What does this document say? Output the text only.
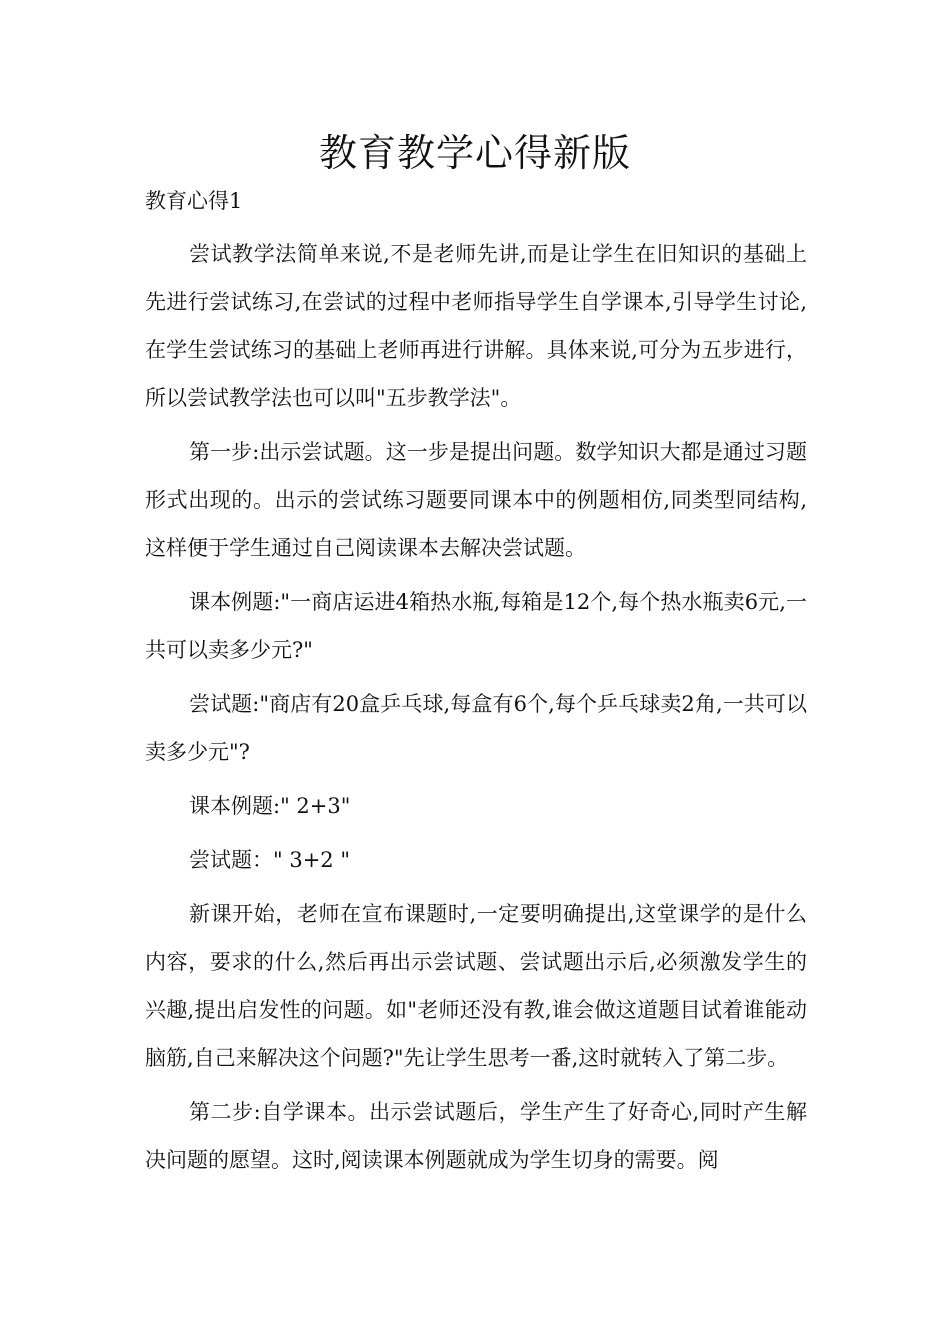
教育教学心得新版
教育心得1

尝试教学法简单来说,不是老师先讲,而是让学生在旧知识的基础上先进行尝试练习,在尝试的过程中老师指导学生自学课本,引导学生讨论,在学生尝试练习的基础上老师再进行讲解。具体来说,可分为五步进行，所以尝试教学法也可以叫"五步教学法"。

第一步:出示尝试题。这一步是提出问题。数学知识大都是通过习题形式出现的。出示的尝试练习题要同课本中的例题相仿,同类型同结构,这样便于学生通过自己阅读课本去解决尝试题。

课本例题:"一商店运进4箱热水瓶,每箱是12个,每个热水瓶卖6元,一共可以卖多少元?"

尝试题:"商店有20盒乒乓球,每盒有6个,每个乒乓球卖2角,一共可以卖多少元"?

课本例题:" 2+3"

尝试题：" 3+2 "

新课开始，老师在宣布课题时,一定要明确提出,这堂课学的是什么内容，要求的什么,然后再出示尝试题、尝试题出示后,必须激发学生的兴趣,提出启发性的问题。如"老师还没有教,谁会做这道题目试着谁能动脑筋,自己来解决这个问题?"先让学生思考一番,这时就转入了第二步。

第二步:自学课本。出示尝试题后，学生产生了好奇心,同时产生解决问题的愿望。这时,阅读课本例题就成为学生切身的需要。阅
